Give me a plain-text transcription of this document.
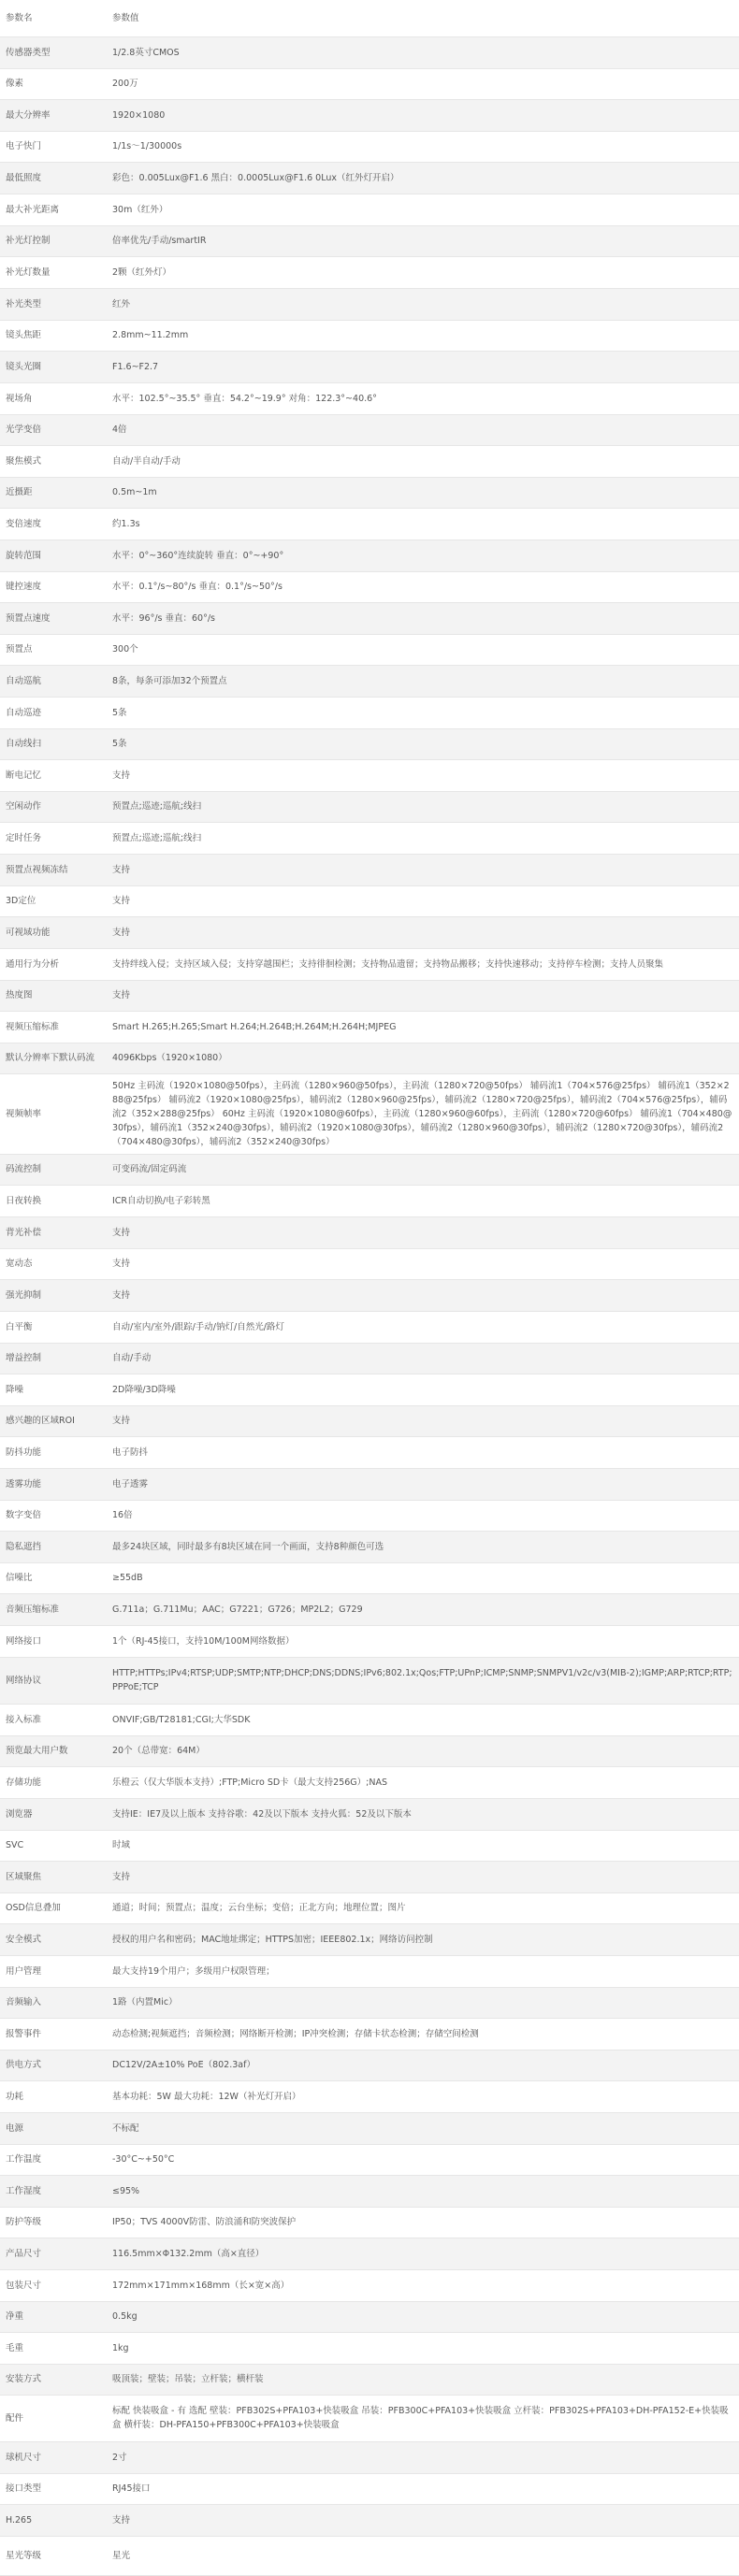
参数名	参数值
传感器类型	1/2.8英寸CMOS
像素	200万
最大分辨率	1920×1080
电子快门	1/1s～1/30000s
最低照度	彩色：0.005Lux@F1.6 黑白：0.0005Lux@F1.6 0Lux（红外灯开启）
最大补光距离	30m（红外）
补光灯控制	倍率优先/手动/smartIR
补光灯数量	2颗（红外灯）
补光类型	红外
镜头焦距	2.8mm~11.2mm
镜头光圈	F1.6~F2.7
视场角	水平：102.5°~35.5° 垂直：54.2°~19.9° 对角：122.3°~40.6°
光学变倍	4倍
聚焦模式	自动/半自动/手动
近摄距	0.5m~1m
变倍速度	约1.3s
旋转范围	水平：0°~360°连续旋转 垂直：0°~+90°
键控速度	水平：0.1°/s~80°/s 垂直：0.1°/s~50°/s
预置点速度	水平：96°/s 垂直：60°/s
预置点	300个
自动巡航	8条，每条可添加32个预置点
自动巡迹	5条
自动线扫	5条
断电记忆	支持
空闲动作	预置点;巡迹;巡航;线扫
定时任务	预置点;巡迹;巡航;线扫
预置点视频冻结	支持
3D定位	支持
可视域功能	支持
通用行为分析	支持绊线入侵；支持区域入侵；支持穿越围栏；支持徘徊检测；支持物品遗留；支持物品搬移；支持快速移动；支持停车检测；支持人员聚集
热度图	支持
视频压缩标准	Smart H.265;H.265;Smart H.264;H.264B;H.264M;H.264H;MJPEG
默认分辨率下默认码流	4096Kbps（1920×1080）
视频帧率	50Hz 主码流（1920×1080@50fps），主码流（1280×960@50fps），主码流（1280×720@50fps） 辅码流1（704×576@25fps） 辅码流1（352×288@25fps） 辅码流2（1920×1080@25fps），辅码流2（1280×960@25fps），辅码流2（1280×720@25fps），辅码流2（704×576@25fps），辅码流2（352×288@25fps） 60Hz 主码流（1920×1080@60fps），主码流（1280×960@60fps），主码流（1280×720@60fps） 辅码流1（704×480@30fps），辅码流1（352×240@30fps），辅码流2（1920×1080@30fps），辅码流2（1280×960@30fps），辅码流2（1280×720@30fps），辅码流2（704×480@30fps），辅码流2（352×240@30fps）
码流控制	可变码流/固定码流
日夜转换	ICR自动切换/电子彩转黑
背光补偿	支持
宽动态	支持
强光抑制	支持
白平衡	自动/室内/室外/跟踪/手动/钠灯/自然光/路灯
增益控制	自动/手动
降噪	2D降噪/3D降噪
感兴趣的区域ROI	支持
防抖功能	电子防抖
透雾功能	电子透雾
数字变倍	16倍
隐私遮挡	最多24块区域，同时最多有8块区域在同一个画面，支持8种颜色可选
信噪比	≥55dB
音频压缩标准	G.711a；G.711Mu；AAC；G7221；G726；MP2L2；G729
网络接口	1个（RJ-45接口，支持10M/100M网络数据）
网络协议	HTTP;HTTPs;IPv4;RTSP;UDP;SMTP;NTP;DHCP;DNS;DDNS;IPv6;802.1x;Qos;FTP;UPnP;ICMP;SNMP;SNMPV1/v2c/v3(MIB-2);IGMP;ARP;RTCP;RTP;PPPoE;TCP
接入标准	ONVIF;GB/T28181;CGI;大华SDK
预览最大用户数	20个（总带宽：64M）
存储功能	乐橙云（仅大华版本支持）;FTP;Micro SD卡（最大支持256G）;NAS
浏览器	支持IE：IE7及以上版本 支持谷歌：42及以下版本 支持火狐：52及以下版本
SVC	时域
区域聚焦	支持
OSD信息叠加	通道；时间；预置点；温度；云台坐标；变倍；正北方向；地理位置；图片
安全模式	授权的用户名和密码；MAC地址绑定；HTTPS加密；IEEE802.1x；网络访问控制
用户管理	最大支持19个用户；多级用户权限管理；
音频输入	1路（内置Mic）
报警事件	动态检测;视频遮挡；音频检测；网络断开检测；IP冲突检测；存储卡状态检测；存储空间检测
供电方式	DC12V/2A±10% PoE（802.3af）
功耗	基本功耗：5W 最大功耗：12W（补光灯开启）
电源	不标配
工作温度	-30°C~+50°C
工作湿度	≤95%
防护等级	IP50；TVS 4000V防雷、防浪涌和防突波保护
产品尺寸	116.5mm×Φ132.2mm（高×直径）
包装尺寸	172mm×171mm×168mm（长×宽×高）
净重	0.5kg
毛重	1kg
安装方式	吸顶装；壁装；吊装；立杆装；横杆装
配件	标配 快装吸盒 - 有 选配 壁装：PFB302S+PFA103+快装吸盒 吊装：PFB300C+PFA103+快装吸盒 立杆装：PFB302S+PFA103+DH-PFA152-E+快装吸盒 横杆装：DH-PFA150+PFB300C+PFA103+快装吸盒
球机尺寸	2寸
接口类型	RJ45接口
H.265	支持
星光等级	星光
